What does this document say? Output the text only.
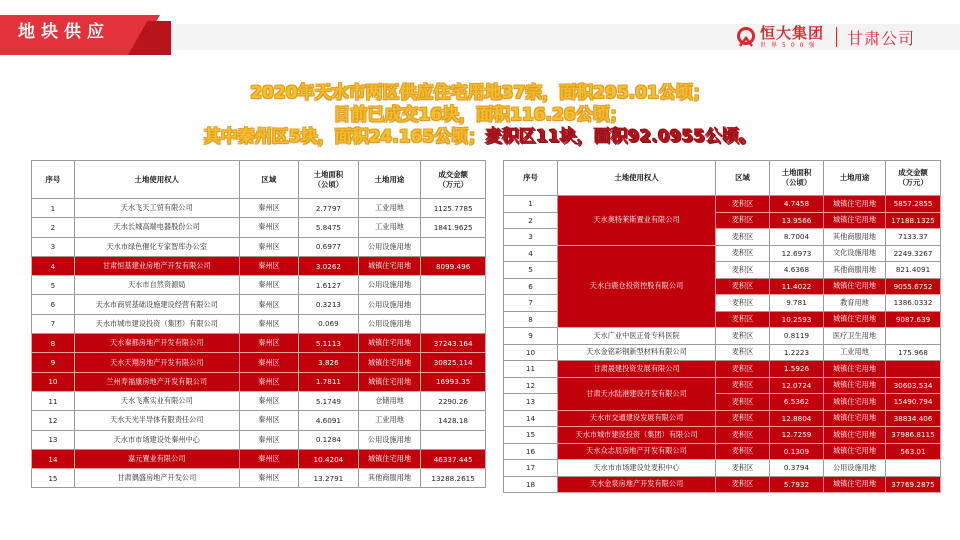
地块供应	恒大集团
世界500强 甘肃公司
2020年天水市两区供应住宅用地37宗，面积295.01公顷；
目前已成交16块，面积116.26公顷；
其中秦州区5块，面积24.165公顷；麦积区11块，面积92.0955公顷。
序号	土地使用权人	区域	土地面积
（公顷）	土地用途	成交金额
（万元）
1	天水飞天工贸有限公司	秦州区	2.7797	工业用地	1125.7785
2	天水长城高端电器股份公司	秦州区	5.8475	工业用地	1841.9625
3	天水市绿色催化专家智库办公室	秦州区	0.6977	公用设施用地	
4	甘肃恒基建业房地产开发有限公司	秦州区	3.0262	城镇住宅用地	8099.496
5	天水市自然资源局	秦州区	1.6127	公用设施用地	
6	天水市商贸基础设施建设经营有限公司	秦州区	0.3213	公用设施用地	
7	天水市城市建设投资（集团）有限公司	秦州区	0.069	公用设施用地	
8	天水秦都房地产开发有限公司	秦州区	5.1113	城镇住宅用地	37243.164
9	天水天翔房地产开发有限公司	秦州区	3.826	城镇住宅用地	30825.114
10	兰州寿福康房地产开发有限公司	秦州区	1.7811	城镇住宅用地	16993.35
11	天水飞燕实业有限公司	秦州区	5.1749	仓储用地	2290.26
12	天水天光半导体有限责任公司	秦州区	4.6091	工业用地	1428.18
13	天水市市场建设处秦州中心	秦州区	0.1284	公用设施用地	
14	嘉元置业有限公司	秦州区	10.4204	城镇住宅用地	46337.445
15	甘肃偶盛房地产开发公司	秦州区	13.2791	其他商服用地	13288.2615
序号	土地使用权人	区域	土地面积
（公顷）	土地用途	成交金额
（万元）
1	天水奥特莱斯置业有限公司	麦积区	4.7458	城镇住宅用地	5857.2855
2		麦积区	13.9566	城镇住宅用地	17188.1325
3		麦积区	8.7004	其他商服用地	7133.37
4	天水白鹿仓投资控股有限公司	麦积区	12.6973	文化设施用地	2249.3267
5		麦积区	4.6368	其他商服用地	821.4091
6		麦积区	11.4022	城镇住宅用地	9055.6752
7		麦积区	9.781	教育用地	1386.0332
8		麦积区	10.2593	城镇住宅用地	9087.639
9	天水广业中医正骨专科医院	麦积区	0.8119	医疗卫生用地	
10	天水金铭彩钢新型材料有限公司	麦积区	1.2223	工业用地	175.968
11	甘肃晟建投资发展有限公司	麦积区	1.5926	城镇住宅用地	
12	甘肃天水陆港建设开发有限公司	麦积区	12.0724	城镇住宅用地	30603.534
13		麦积区	6.5362	城镇住宅用地	15490.794
14	天水市交通建设发展有限公司	麦积区	12.8804	城镇住宅用地	38834.406
15	天水市城市建设投资（集团）有限公司	麦积区	12.7259	城镇住宅用地	37986.8115
16	天水众志辰房地产开发有限公司	麦积区	0.1309	城镇住宅用地	563.01
17	天水市市场建设处麦积中心	麦积区	0.3794	公用设施用地	
18	天水金泉房地产开发有限公司	麦积区	5.7932	城镇住宅用地	37769.2875
